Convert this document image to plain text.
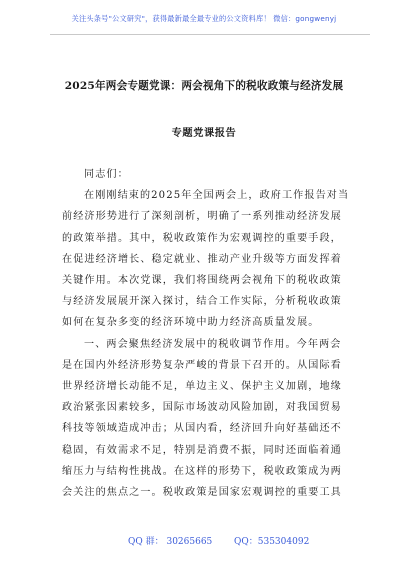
关注头条号"公文研究"，获得最新最全最专业的公文资料库！ 微信：gongwenyj
2025年两会专题党课：两会视角下的税收政策与经济发展
专题党课报告
同志们：
在刚刚结束的2025年全国两会上，政府工作报告对当
前经济形势进行了深刻剖析，明确了一系列推动经济发展
的政策举措。其中，税收政策作为宏观调控的重要手段，
在促进经济增长、稳定就业、推动产业升级等方面发挥着
关键作用。本次党课，我们将围绕两会视角下的税收政策
与经济发展展开深入探讨，结合工作实际，分析税收政策
如何在复杂多变的经济环境中助力经济高质量发展。
一、两会聚焦经济发展中的税收调节作用。今年两会
是在国内外经济形势复杂严峻的背景下召开的。从国际看
世界经济增长动能不足，单边主义、保护主义加剧，地缘
政治紧张因素较多，国际市场波动风险加剧，对我国贸易
科技等领域造成冲击；从国内看，经济回升向好基础还不
稳固，有效需求不足，特别是消费不振，同时还面临着通
缩压力与结构性挑战。在这样的形势下，税收政策成为两
会关注的焦点之一。税收政策是国家宏观调控的重要工具
QQ 群： 30265665 QQ：535304092
